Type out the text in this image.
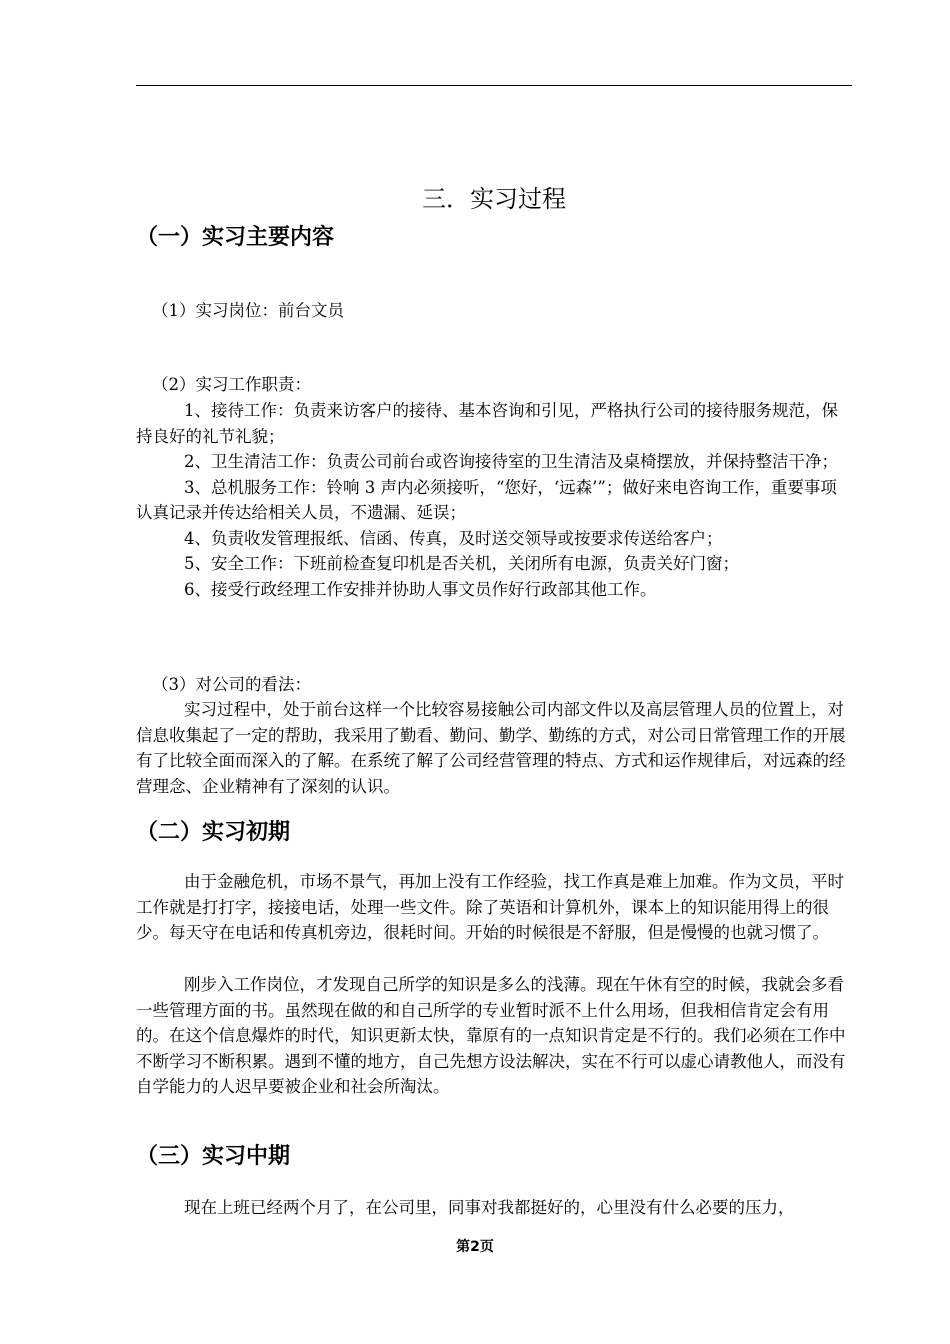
三．实习过程
（一）实习主要内容
（1）实习岗位：前台文员
（2）实习工作职责：
1、接待工作：负责来访客户的接待、基本咨询和引见，严格执行公司的接待服务规范，保持良好的礼节礼貌；
2、卫生清洁工作：负责公司前台或咨询接待室的卫生清洁及桌椅摆放，并保持整洁干净；
3、总机服务工作：铃响 3 声内必须接听，“您好，‘远森’”；做好来电咨询工作，重要事项认真记录并传达给相关人员，不遗漏、延误；
4、负责收发管理报纸、信函、传真，及时送交领导或按要求传送给客户；
5、安全工作：下班前检查复印机是否关机，关闭所有电源，负责关好门窗；
6、接受行政经理工作安排并协助人事文员作好行政部其他工作。
（3）对公司的看法：
实习过程中，处于前台这样一个比较容易接触公司内部文件以及高层管理人员的位置上，对信息收集起了一定的帮助，我采用了勤看、勤问、勤学、勤练的方式，对公司日常管理工作的开展有了比较全面而深入的了解。在系统了解了公司经营管理的特点、方式和运作规律后，对远森的经营理念、企业精神有了深刻的认识。
（二）实习初期
由于金融危机，市场不景气，再加上没有工作经验，找工作真是难上加难。作为文员，平时工作就是打打字，接接电话，处理一些文件。除了英语和计算机外，课本上的知识能用得上的很少。每天守在电话和传真机旁边，很耗时间。开始的时候很是不舒服，但是慢慢的也就习惯了。
刚步入工作岗位，才发现自己所学的知识是多么的浅薄。现在午休有空的时候，我就会多看一些管理方面的书。虽然现在做的和自己所学的专业暂时派不上什么用场，但我相信肯定会有用的。在这个信息爆炸的时代，知识更新太快，靠原有的一点知识肯定是不行的。我们必须在工作中不断学习不断积累。遇到不懂的地方，自己先想方设法解决，实在不行可以虚心请教他人，而没有自学能力的人迟早要被企业和社会所淘汰。
（三）实习中期
现在上班已经两个月了，在公司里，同事对我都挺好的，心里没有什么必要的压力，
第2页
